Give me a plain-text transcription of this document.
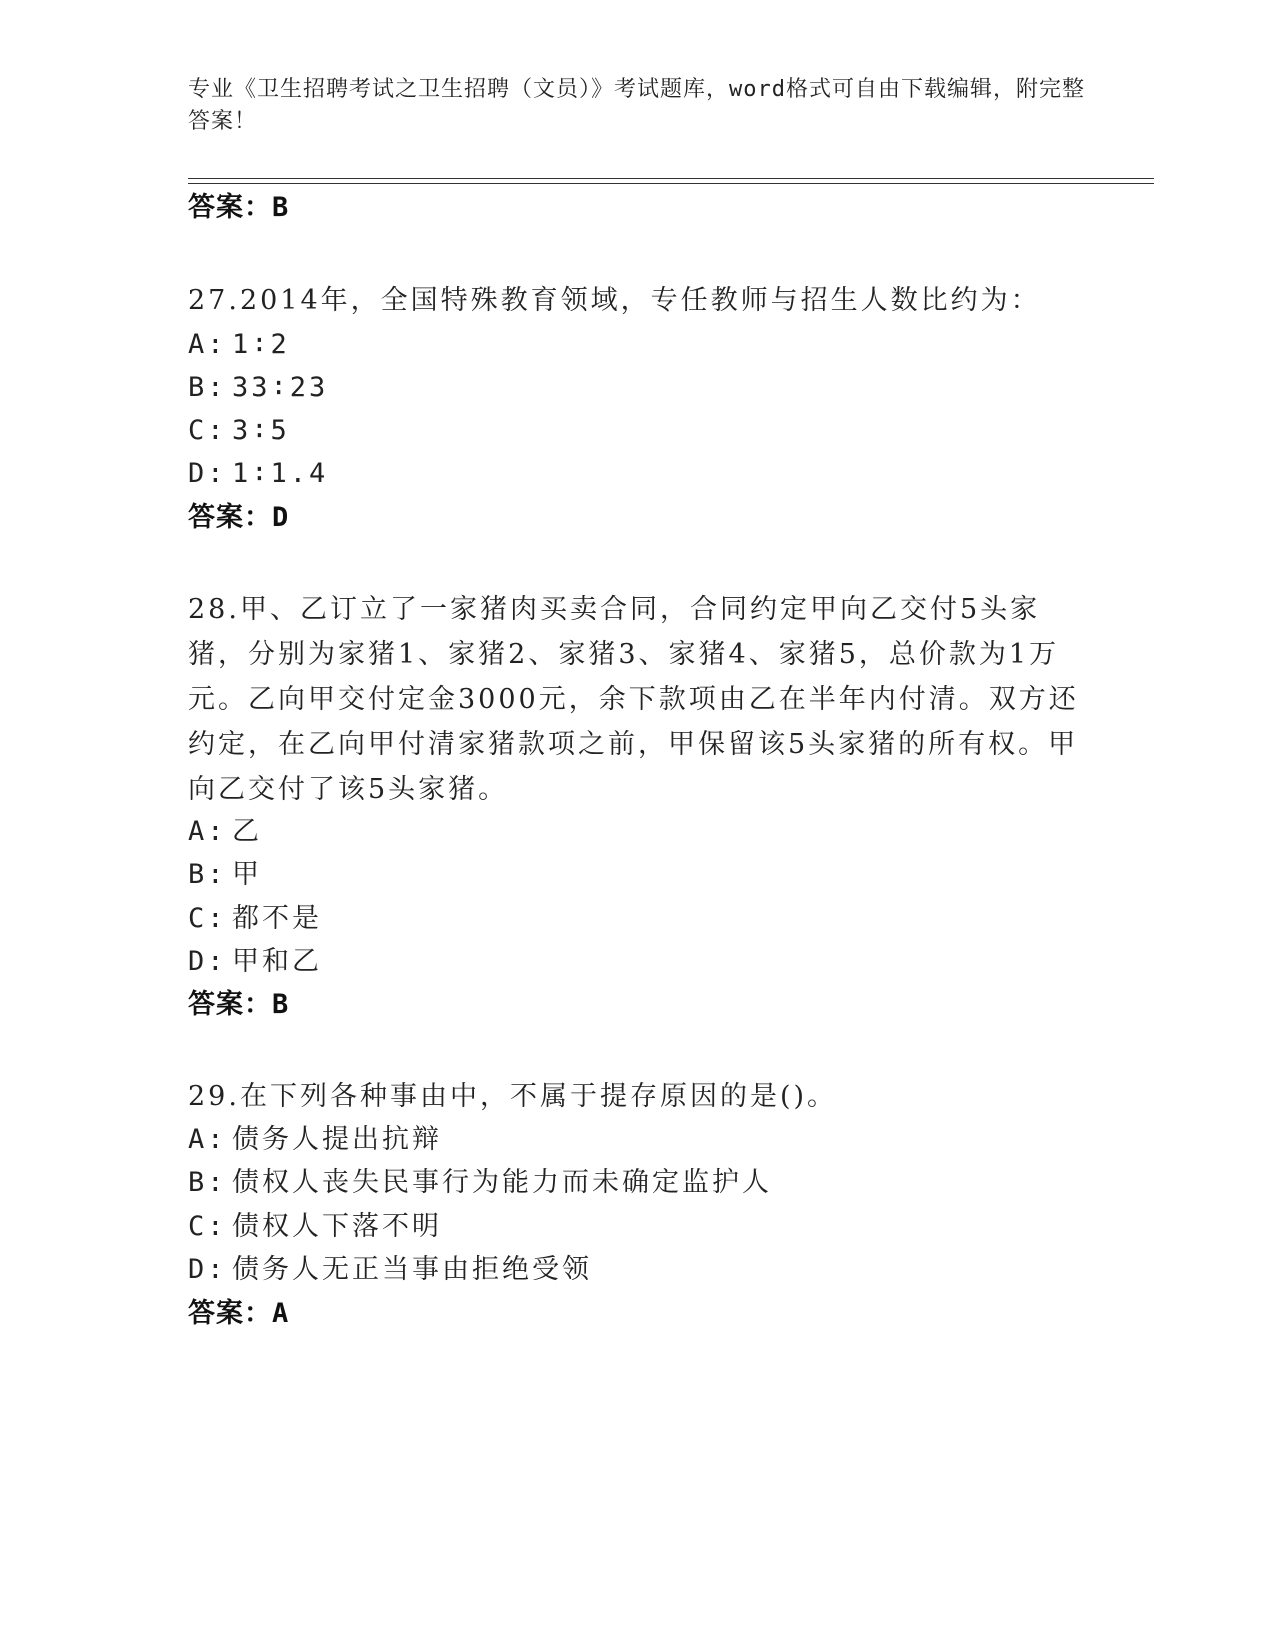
专业《卫生招聘考试之卫生招聘（文员）》考试题库，word格式可自由下载编辑，附完整答案！
答案：B
27.2014年，全国特殊教育领域，专任教师与招生人数比约为：
A: 1∶2
B: 33∶23
C: 3∶5
D: 1∶1.4
答案：D
28.甲、乙订立了一家猪肉买卖合同，合同约定甲向乙交付5头家猪，分别为家猪1、家猪2、家猪3、家猪4、家猪5，总价款为1万元。乙向甲交付定金3000元，余下款项由乙在半年内付清。双方还约定，在乙向甲付清家猪款项之前，甲保留该5头家猪的所有权。甲向乙交付了该5头家猪。
A: 乙
B: 甲
C: 都不是
D: 甲和乙
答案：B
29.在下列各种事由中，不属于提存原因的是()。
A: 债务人提出抗辩
B: 债权人丧失民事行为能力而未确定监护人
C: 债权人下落不明
D: 债务人无正当事由拒绝受领
答案：A
